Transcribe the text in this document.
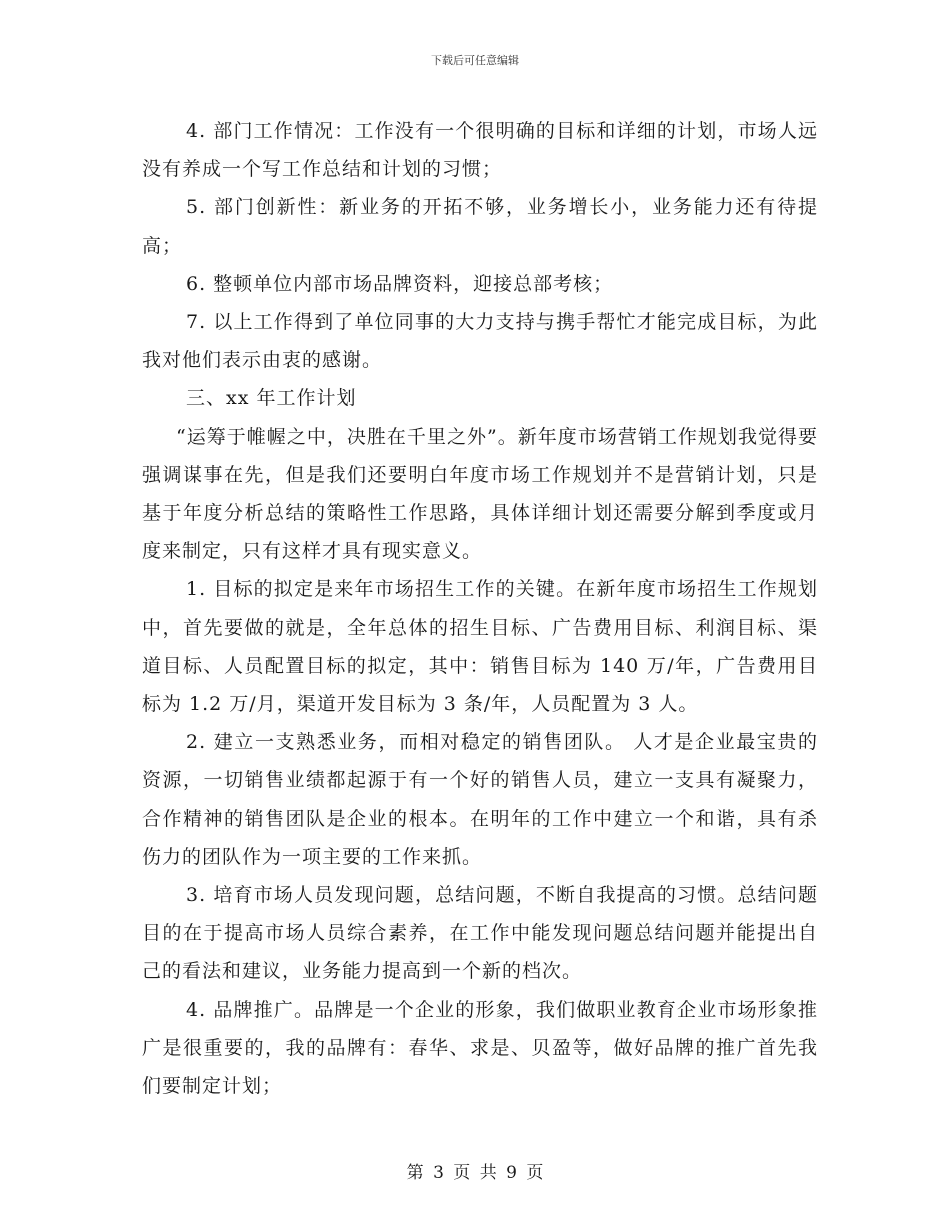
下载后可任意编辑

4. 部门工作情况：工作没有一个很明确的目标和详细的计划，市场人远没有养成一个写工作总结和计划的习惯；

5. 部门创新性：新业务的开拓不够，业务增长小，业务能力还有待提高；

6. 整顿单位内部市场品牌资料，迎接总部考核；

7. 以上工作得到了单位同事的大力支持与携手帮忙才能完成目标，为此我对他们表示由衷的感谢。

三、xx 年工作计划

“运筹于帷幄之中，决胜在千里之外”。新年度市场营销工作规划我觉得要强调谋事在先，但是我们还要明白年度市场工作规划并不是营销计划，只是基于年度分析总结的策略性工作思路，具体详细计划还需要分解到季度或月度来制定，只有这样才具有现实意义。

1. 目标的拟定是来年市场招生工作的关键。在新年度市场招生工作规划中，首先要做的就是，全年总体的招生目标、广告费用目标、利润目标、渠道目标、人员配置目标的拟定，其中：销售目标为 140 万/年，广告费用目标为 1.2 万/月，渠道开发目标为 3 条/年，人员配置为 3 人。

2. 建立一支熟悉业务，而相对稳定的销售团队。 人才是企业最宝贵的资源，一切销售业绩都起源于有一个好的销售人员，建立一支具有凝聚力，合作精神的销售团队是企业的根本。在明年的工作中建立一个和谐，具有杀伤力的团队作为一项主要的工作来抓。

3. 培育市场人员发现问题，总结问题，不断自我提高的习惯。总结问题目的在于提高市场人员综合素养，在工作中能发现问题总结问题并能提出自己的看法和建议，业务能力提高到一个新的档次。

4. 品牌推广。品牌是一个企业的形象，我们做职业教育企业市场形象推广是很重要的，我的品牌有：春华、求是、贝盈等，做好品牌的推广首先我们要制定计划；

第 3 页 共 9 页
